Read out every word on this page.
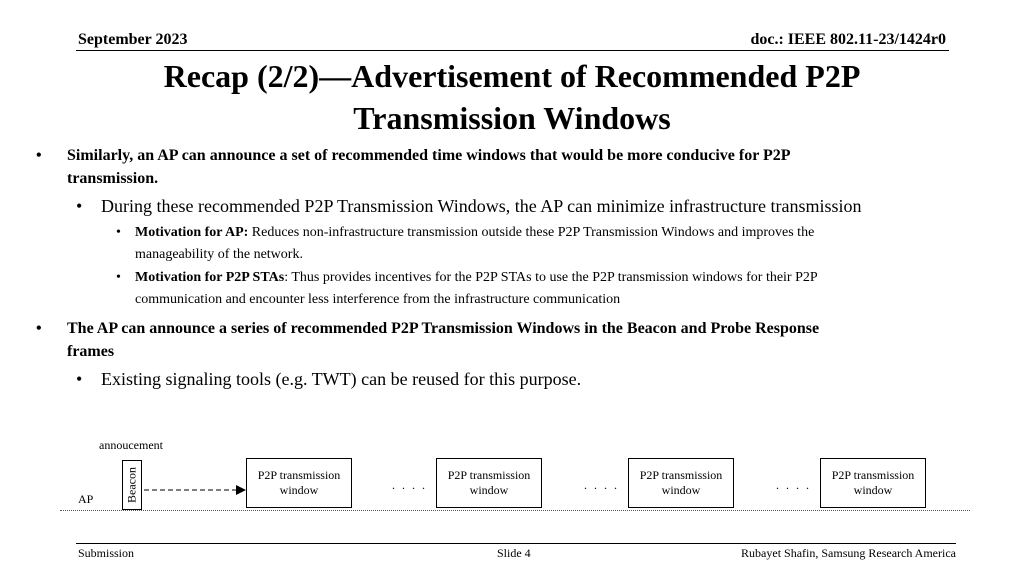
September 2023	doc.: IEEE 802.11-23/1424r0
Recap (2/2)—Advertisement of Recommended P2P
Transmission Windows
• Similarly, an AP can announce a set of recommended time windows that would be more conducive for P2P
transmission.
• During these recommended P2P Transmission Windows, the AP can minimize infrastructure transmission
• Motivation for AP: Reduces non-infrastructure transmission outside these P2P Transmission Windows and improves the
manageability of the network.
• Motivation for P2P STAs: Thus provides incentives for the P2P STAs to use the P2P transmission windows for their P2P
communication and encounter less interference from the infrastructure communication
• The AP can announce a series of recommended P2P Transmission Windows in the Beacon and Probe Response
frames
• Existing signaling tools (e.g. TWT) can be reused for this purpose.
annoucement
AP	Beacon	P2P transmission window	. . . .
P2P transmission window	. . . .
P2P transmission window	. . . .
P2P transmission window
Submission	Slide 4	Rubayet Shafin, Samsung Research America
